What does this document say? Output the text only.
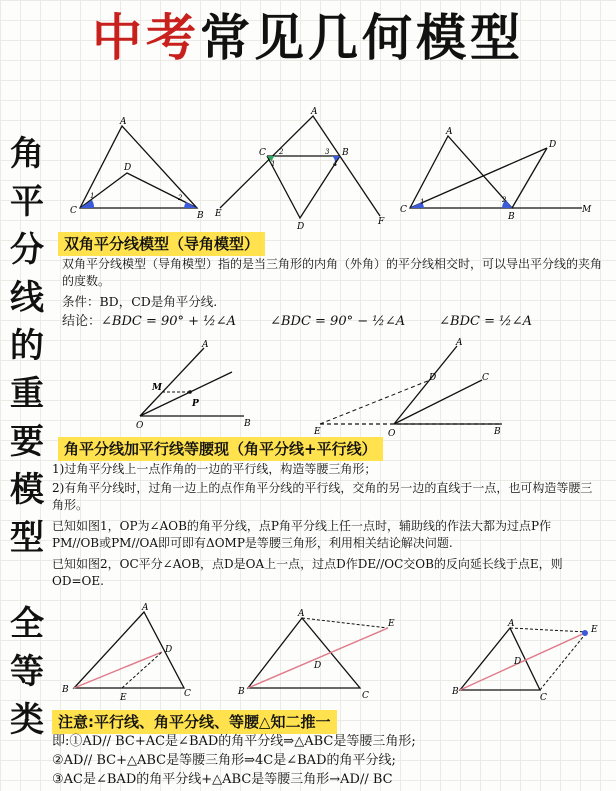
中考常见几何模型
角
平
分
线
的
重
要
模
型
全
等
类
A
D
C	B
1	2
A
C	B
E
D	F
1
2	3
4
A
D
C
B
M
1	2
双角平分线模型（导角模型）
双角平分线模型（导角模型）指的是当三角形的内角（外角）的平分线相交时，可以导出平分线的夹角的度数。
条件：BD，CD是角平分线.
结论：∠BDC = 90° + ½∠A	∠BDC = 90° − ½∠A	∠BDC = ½∠A
A
M
P
O	B
A
D	C
E	O	B
角平分线加平行线等腰现（角平分线+平行线）
1)过角平分线上一点作角的一边的平行线，构造等腰三角形；
2)有角平分线时，过角一边上的点作角平分线的平行线，交角的另一边的直线于一点，也可构造等腰三角形。
已知如图1，OP为∠AOB的角平分线，点P角平分线上任一点时，辅助线的作法大都为过点P作PM//OB或PM//OA即可即有ΔOMP是等腰三角形，利用相关结论解决问题.
已知如图2，OC平分∠AOB，点D是OA上一点，过点D作DE//OC交OB的反向延长线于点E，则OD=OE.
A
D
B
E	C
A
E
D
B	C
A
D
B
C
E
注意:平行线、角平分线、等腰△知二推一
即:①AD// BC+AC是∠BAD的角平分线⇒△ABC是等腰三角形;
②AD// BC+△ABC是等腰三角形⇒4C是∠BAD的角平分线;
③AC是∠BAD的角平分线+△ABC是等腰三角形→AD// BC
